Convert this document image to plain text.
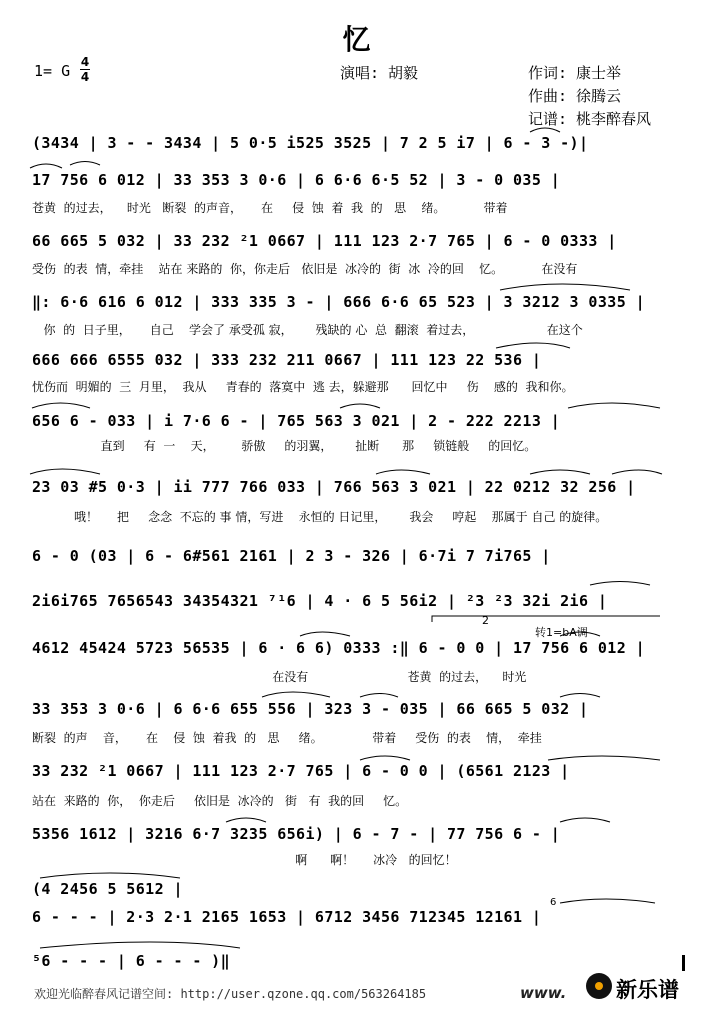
忆
1= G 4
4	演唱: 胡毅	作词: 康士举
作曲: 徐腾云
记谱: 桃李醉春风
(3434 | 3 - - 3434 | 5 0·5 i525 3525 | 7 2 5 i7 | 6 - 3 -)|
17 756 6 012 | 33 353 3 0·6 | 6 6·6 6·5 52 | 3 - 0 035 |
苍黄  的过去，    时光   断裂  的声音，     在     侵  蚀  着  我  的   思    绪。          带着
66 665 5 032 | 33 232 ²1 0667 | 111 123 2·7 765 | 6 - 0 0333 |
受伤  的表  情，牵挂    站在 来路的  你，你走后   依旧是  冰冷的  街  冰  冷的回    忆。          在没有
‖: 6·6 616 6 012 | 333 335 3 - | 666 6·6 65 523 | 3 3212 3 0335 |
你  的  日子里，     自己    学会了 承受孤 寂，      残缺的 心  总  翻滚  着过去，                   在这个
666 666 6555 032 | 333 232 211 0667 | 111 123 22 536 |
忧伤而  明媚的  三  月里，  我从     青春的  落寞中  逃 去，躲避那      回忆中     伤    感的  我和你。
656 6 - 033 | i 7·6 6 - | 765 563 3 021 | 2 - 222 2213 |
直到     有  一    天，       骄傲     的羽翼，      扯断      那     锁链般     的回忆。
23 03 #5 0·3 | ii 777 766 033 | 766 563 3 021 | 22 0212 32 256 |
哦！     把     念念  不忘的 事 情，写进    永恒的 日记里，      我会     哼起    那属于 自己 的旋律。
6 - 0 (03 | 6 - 6#561 2161 | 2 3 - 326 | 6·7i 7 7i765 |
2i6i765 7656543 34354321 ⁷¹6 | 4 · 6 5 56i2 | ²3 ²3 32i 2i6 |
4612 45424 5723 56535 | 6 · 6 6) 0333 :‖ 6 - 0 0 | 17 756 6 012 |
在没有                          苍黄  的过去，    时光
33 353 3 0·6 | 6 6·6 655 556 | 323 3 - 035 | 66 665 5 032 |
断裂  的声    音，     在    侵  蚀  着我  的   思     绪。             带着     受伤  的表    情，  牵挂
33 232 ²1 0667 | 111 123 2·7 765 | 6 - 0 0 | (6561 2123 |
站在  来路的  你，  你走后     依旧是  冰冷的   街   有  我的回     忆。
5356 1612 | 3216 6·7 3235 656i) | 6 - 7 - | 77 756 6 - |
啊      啊！     冰冷   的回忆！
(4 2456 5 5612 |
6 - - - | 2·3 2·1 2165 1653 | 6712 3456 712345 12161 |
⁵6 - - - | 6 - - - )‖
2
转1=bA调
6
欢迎光临醉春风记谱空间: http://user.qzone.qq.com/563264185	www. 新乐谱
